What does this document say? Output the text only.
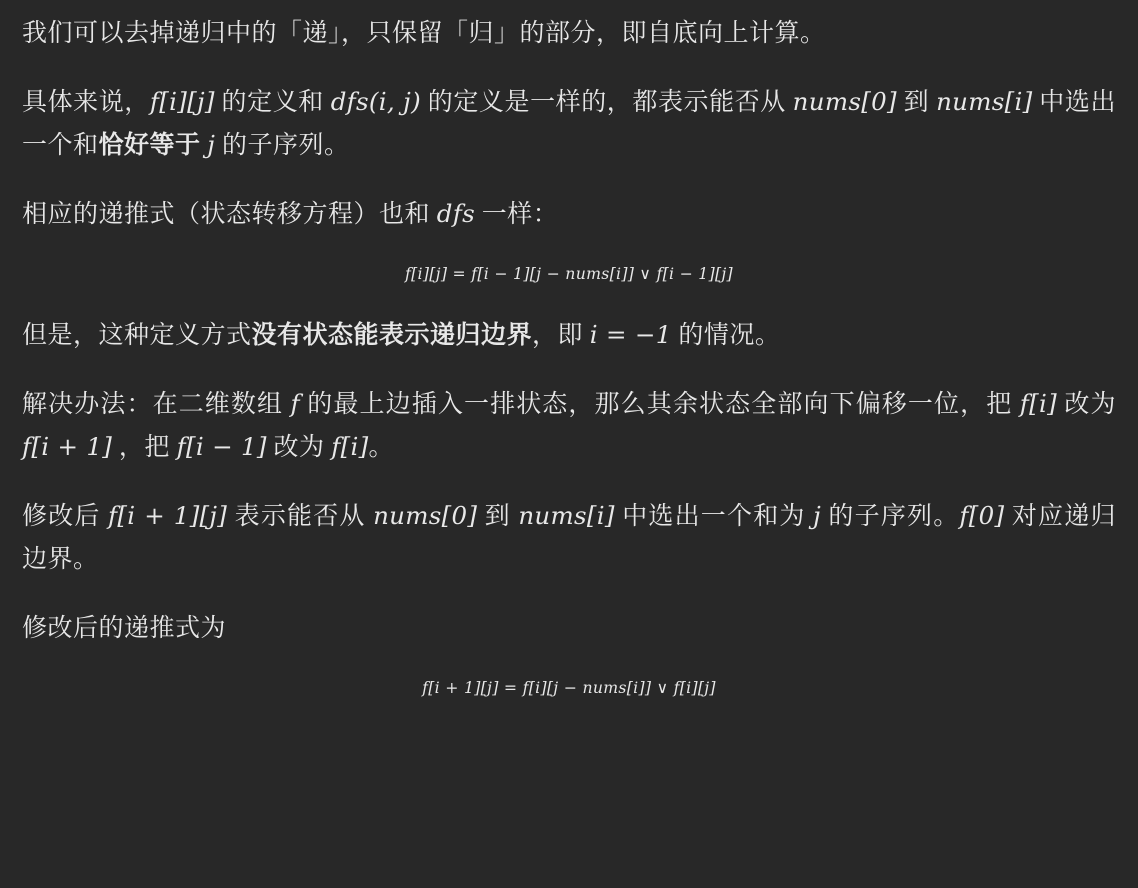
我们可以去掉递归中的「递」，只保留「归」的部分，即自底向上计算。

具体来说，f[i][j] 的定义和 dfs(i, j) 的定义是一样的，都表示能否从 nums[0] 到 nums[i] 中选出一个和恰好等于 j 的子序列。

相应的递推式（状态转移方程）也和 dfs 一样：

f[i][j] = f[i − 1][j − nums[i]] ∨ f[i − 1][j]

但是，这种定义方式没有状态能表示递归边界，即 i = −1 的情况。

解决办法：在二维数组 f 的最上边插入一排状态，那么其余状态全部向下偏移一位，把 f[i] 改为 f[i + 1] ，把 f[i − 1] 改为 f[i]。

修改后 f[i + 1][j] 表示能否从 nums[0] 到 nums[i] 中选出一个和为 j 的子序列。f[0] 对应递归边界。

修改后的递推式为

f[i + 1][j] = f[i][j − nums[i]] ∨ f[i][j]
